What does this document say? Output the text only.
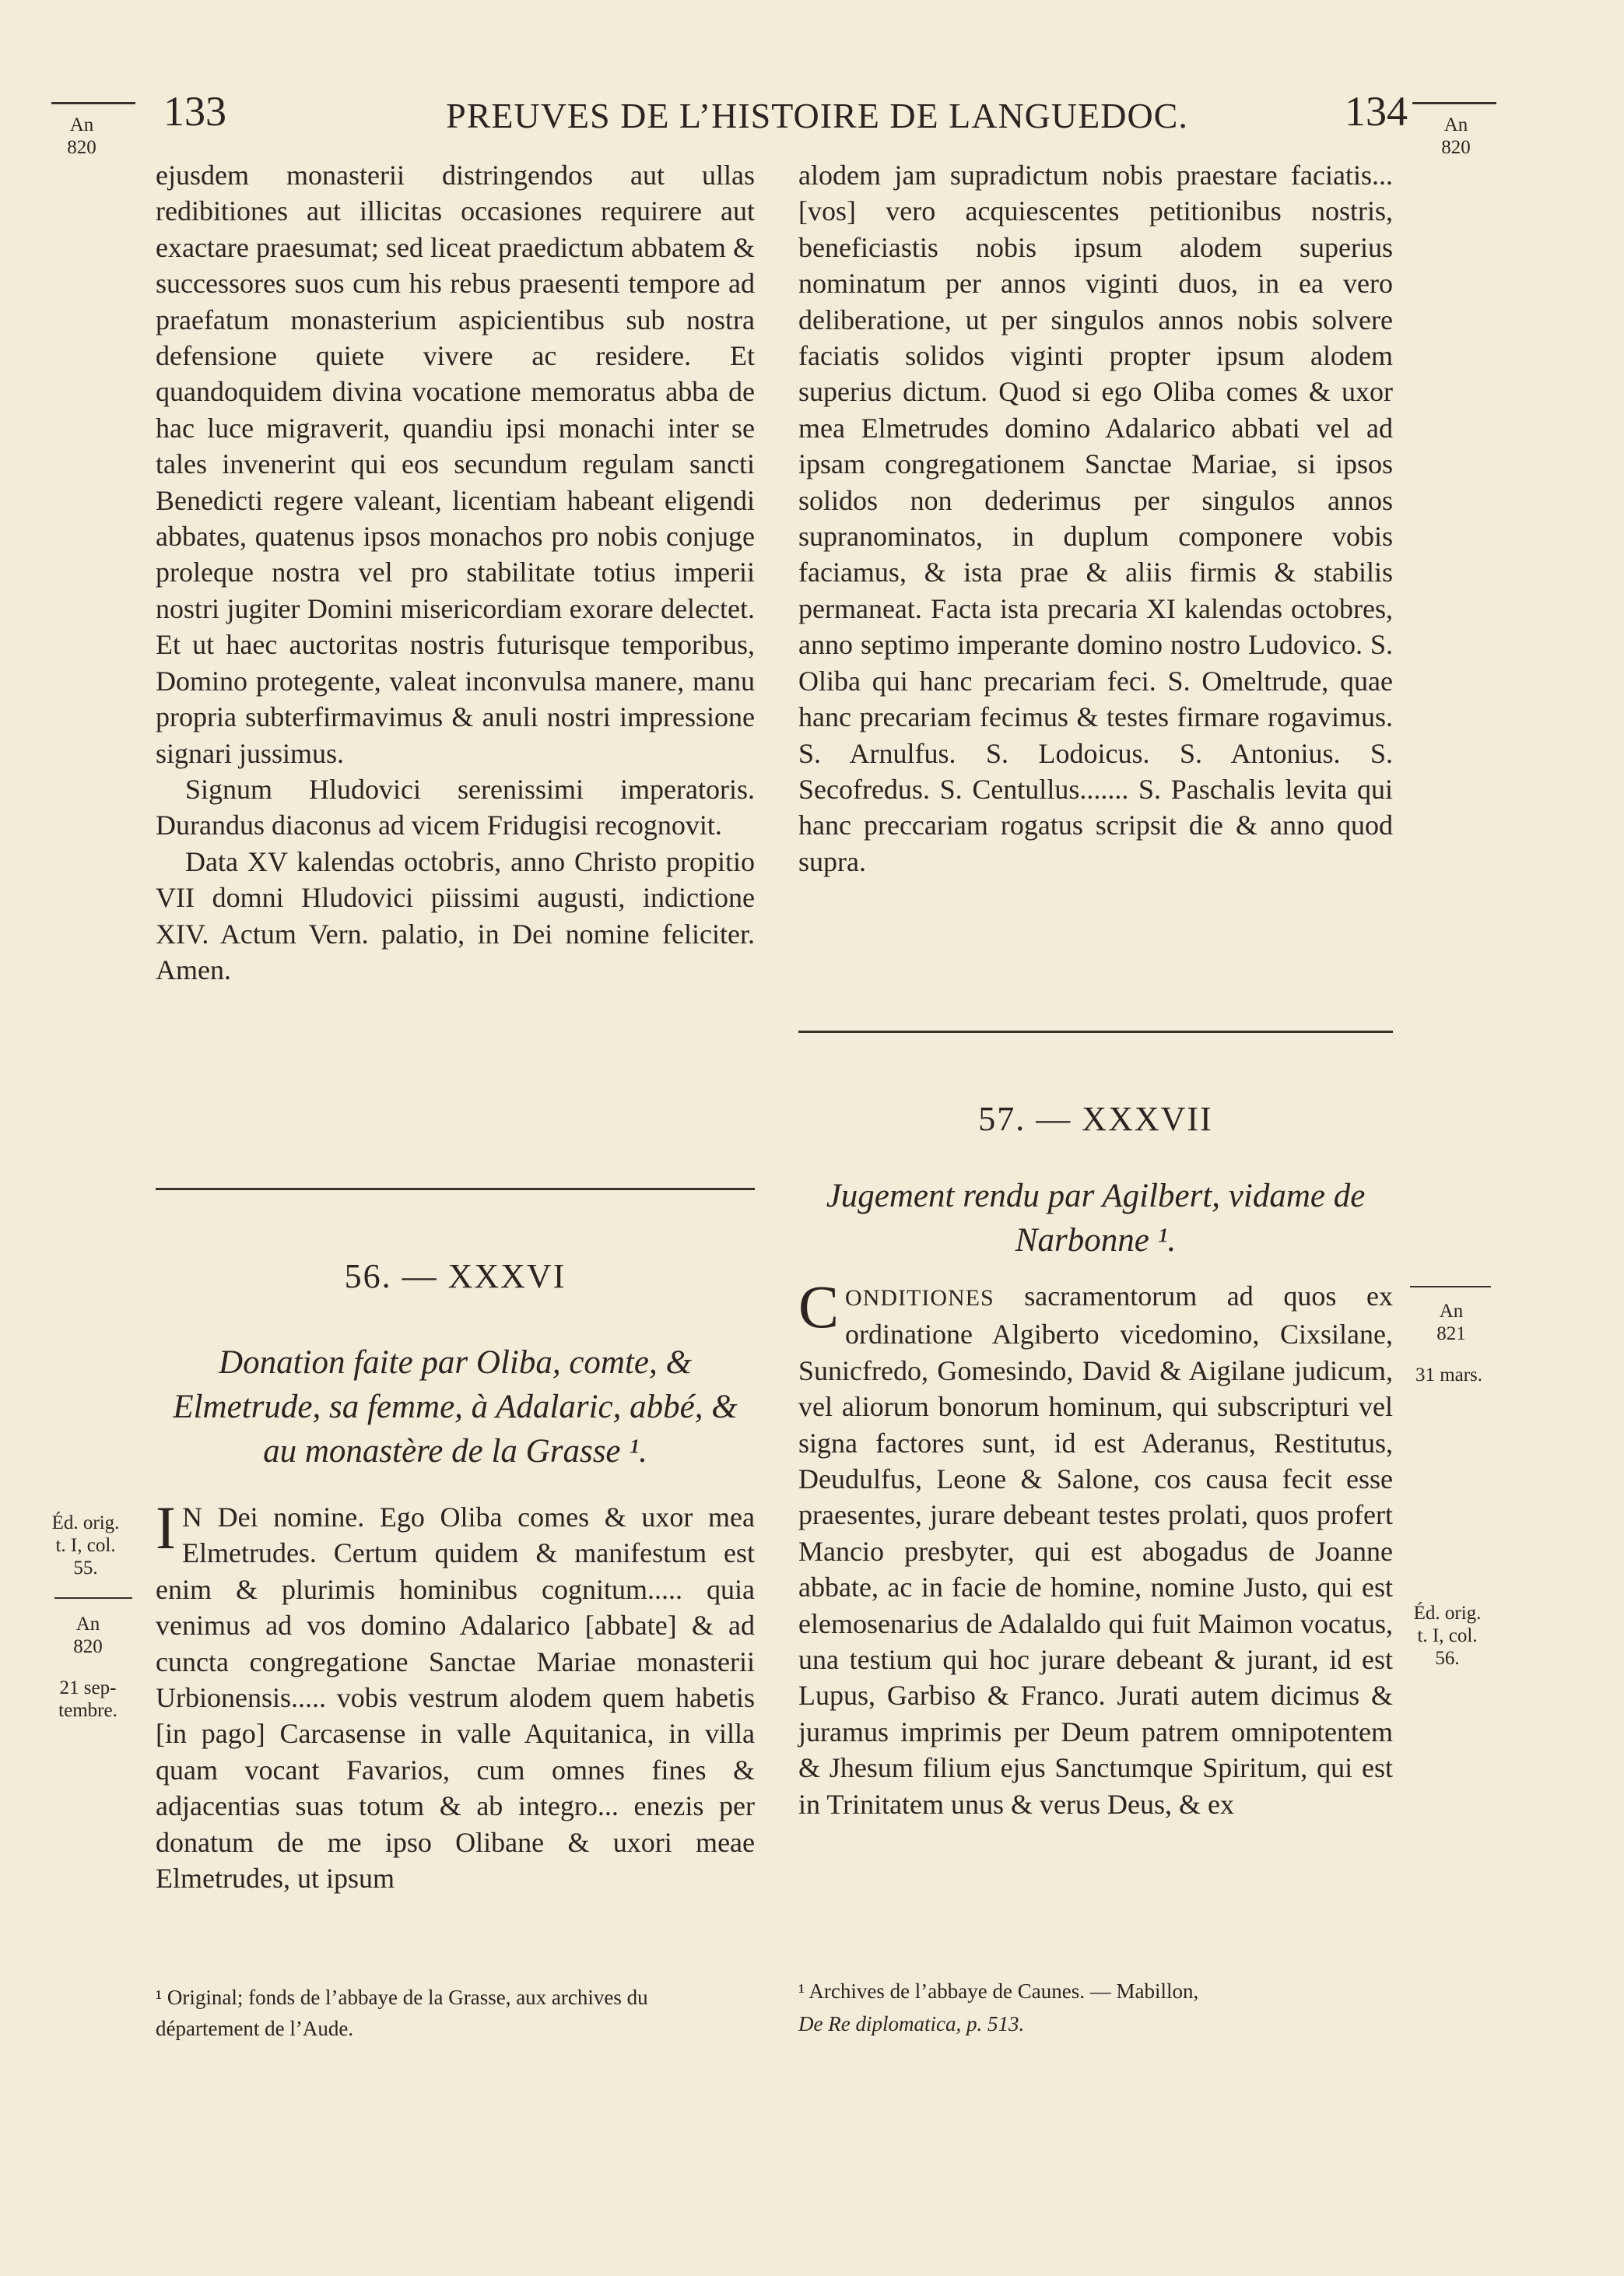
133	PREUVES DE L’HISTOIRE DE LANGUEDOC.	134
An 820
An 820
Éd. orig. t. I, col. 55.
An 820
21 sep-tembre.
An 821
31 mars.
Éd. orig. t. I, col. 56.

ejusdem monasterii distringendos aut ullas redibitiones aut illicitas occasiones requirere aut exactare praesumat; sed liceat praedictum abbatem & successores suos cum his rebus praesenti tempore ad praefatum monasterium aspicientibus sub nostra defensione quiete vivere ac residere. Et quandoquidem divina vocatione memoratus abba de hac luce migraverit, quandiu ipsi monachi inter se tales invenerint qui eos secundum regulam sancti Benedicti regere valeant, licentiam habeant eligendi abbates, quatenus ipsos monachos pro nobis conjuge proleque nostra vel pro stabilitate totius imperii nostri jugiter Domini misericordiam exorare delectet. Et ut haec auctoritas nostris futurisque temporibus, Domino protegente, valeat inconvulsa manere, manu propria subterfirmavimus & anuli nostri impressione signari jussimus.

Signum Hludovici serenissimi imperatoris. Durandus diaconus ad vicem Fridugisi recognovit.

Data XV kalendas octobris, anno Christo propitio VII domni Hludovici piissimi augusti, indictione XIV. Actum Vern. palatio, in Dei nomine feliciter. Amen.

56. — XXXVI
Donation faite par Oliba, comte, & Elmetrude, sa femme, à Adalaric, abbé, & au monastère de la Grasse ¹.
I N Dei nomine. Ego Oliba comes & uxor mea Elmetrudes. Certum quidem & manifestum est enim & plurimis hominibus cognitum..... quia venimus ad vos domino Adalarico [abbate] & ad cuncta congregatione Sanctae Mariae monasterii Urbionensis..... vobis vestrum alodem quem habetis [in pago] Carcasense in valle Aquitanica, in villa quam vocant Favarios, cum omnes fines & adjacentias suas totum & ab integro... enezis per donatum de me ipso Olibane & uxori meae Elmetrudes, ut ipsum
¹ Original; fonds de l’abbaye de la Grasse, aux archives du département de l’Aude.

alodem jam supradictum nobis praestare faciatis... [vos] vero acquiescentes petitionibus nostris, beneficiastis nobis ipsum alodem superius nominatum per annos viginti duos, in ea vero deliberatione, ut per singulos annos nobis solvere faciatis solidos viginti propter ipsum alodem superius dictum. Quod si ego Oliba comes & uxor mea Elmetrudes domino Adalarico abbati vel ad ipsam congregationem Sanctae Mariae, si ipsos solidos non dederimus per singulos annos supranominatos, in duplum componere vobis faciamus, & ista prae & aliis firmis & stabilis permaneat. Facta ista precaria XI kalendas octobres, anno septimo imperante domino nostro Ludovico. S. Oliba qui hanc precariam feci. S. Omeltrude, quae hanc precariam fecimus & testes firmare rogavimus. S. Arnulfus. S. Lodoicus. S. Antonius. S. Secofredus. S. Centullus....... S. Paschalis levita qui hanc preccariam rogatus scripsit die & anno quod supra.

57. — XXXVII
Jugement rendu par Agilbert, vidame de Narbonne ¹.
C ONDITIONES sacramentorum ad quos ex ordinatione Algiberto vicedomino, Cixsilane, Sunicfredo, Gomesindo, David & Aigilane judicum, vel aliorum bonorum hominum, qui subscripturi vel signa factores sunt, id est Aderanus, Restitutus, Deudulfus, Leone & Salone, cos causa fecit esse praesentes, jurare debeant testes prolati, quos profert Mancio presbyter, qui est abogadus de Joanne abbate, ac in facie de homine, nomine Justo, qui est elemosenarius de Adalaldo qui fuit Maimon vocatus, una testium qui hoc jurare debeant & jurant, id est Lupus, Garbiso & Franco. Jurati autem dicimus & juramus imprimis per Deum patrem omnipotentem & Jhesum filium ejus Sanctumque Spiritum, qui est in Trinitatem unus & verus Deus, & ex
¹ Archives de l’abbaye de Caunes. — Mabillon,
De Re diplomatica, p. 513.
